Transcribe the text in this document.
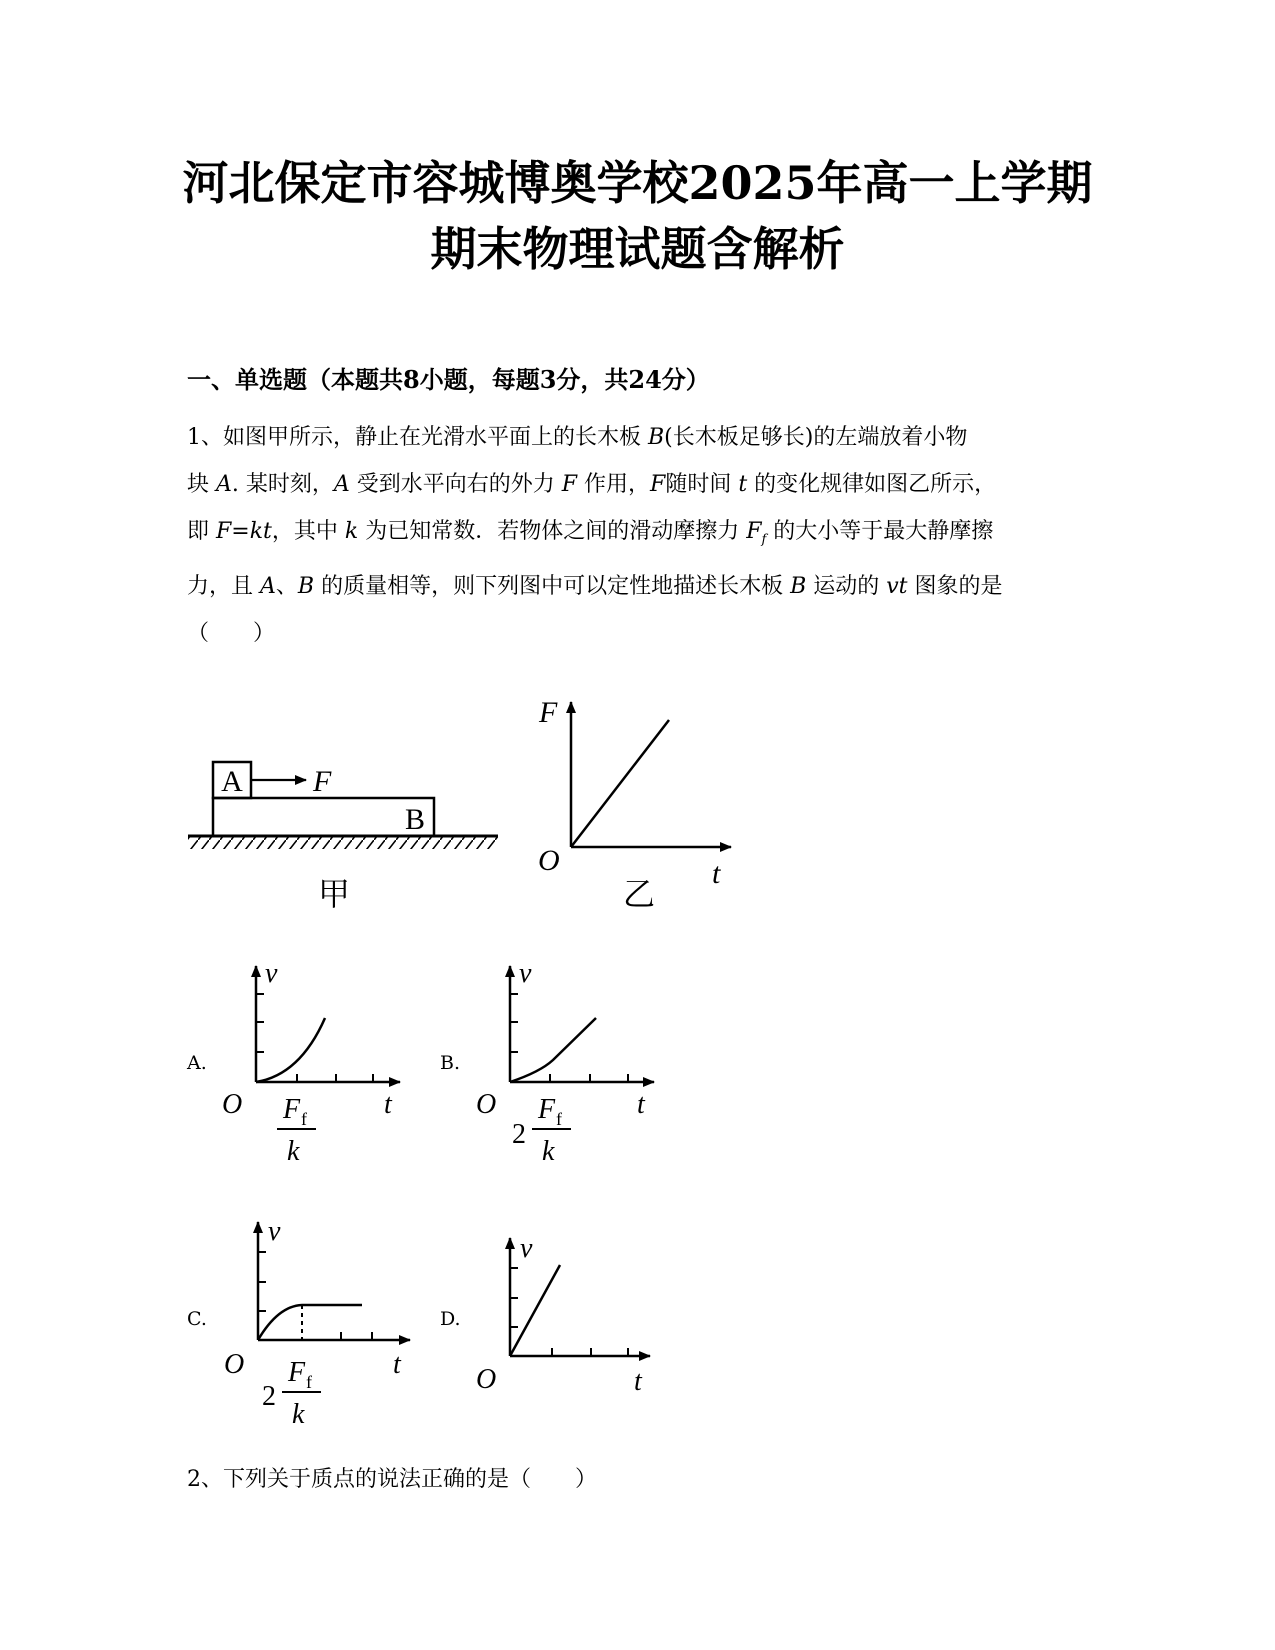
河北保定市容城博奥学校2025年高一上学期
期末物理试题含解析
一、单选题（本题共8小题，每题3分，共24分）

1、如图甲所示，静止在光滑水平面上的长木板 B(长木板足够长)的左端放着小物

块 A. 某时刻，A 受到水平向右的外力 F 作用，F随时间 t 的变化规律如图乙所示，

即 F=kt，其中 k 为已知常数．若物体之间的滑动摩擦力 $F_f$ 的大小等于最大静摩擦

力，且 A、B 的质量相等，则下列图中可以定性地描述长木板 B 运动的 vt 图象的是

（　　）

A
B
F
甲
F
t
O
乙
A.
v
t
O F f
k
B.
v
t
O
2
F f
k
C.
v
t
O
2
F f
k
D.
v
t
O
2、下列关于质点的说法正确的是（　　）
